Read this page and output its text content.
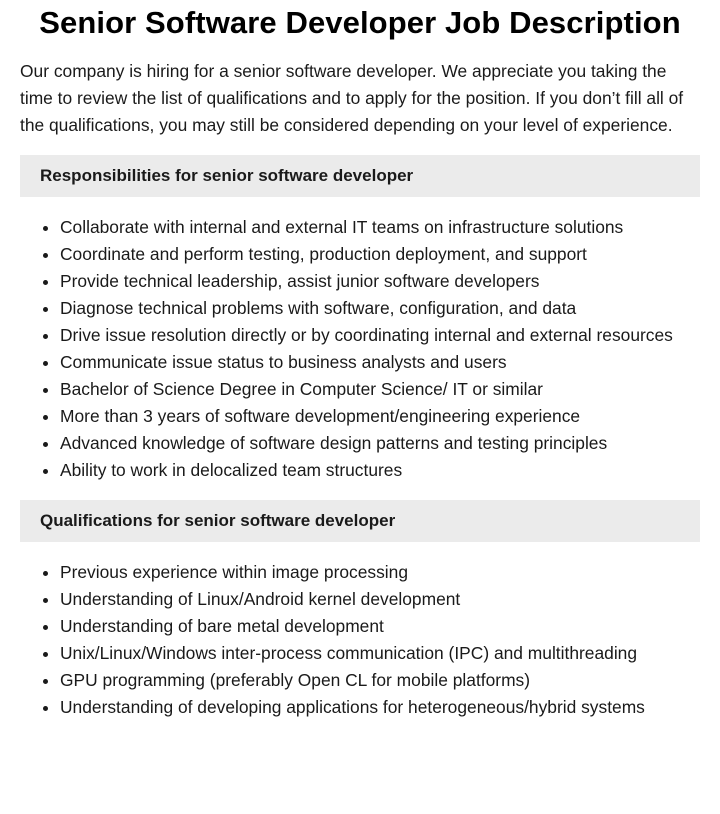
Senior Software Developer Job Description

Our company is hiring for a senior software developer. We appreciate you taking the time to review the list of qualifications and to apply for the position. If you don’t fill all of the qualifications, you may still be considered depending on your level of experience.

Responsibilities for senior software developer
Collaborate with internal and external IT teams on infrastructure solutions
Coordinate and perform testing, production deployment, and support
Provide technical leadership, assist junior software developers
Diagnose technical problems with software, configuration, and data
Drive issue resolution directly or by coordinating internal and external resources
Communicate issue status to business analysts and users
Bachelor of Science Degree in Computer Science/ IT or similar
More than 3 years of software development/engineering experience
Advanced knowledge of software design patterns and testing principles
Ability to work in delocalized team structures
Qualifications for senior software developer
Previous experience within image processing
Understanding of Linux/Android kernel development
Understanding of bare metal development
Unix/Linux/Windows inter-process communication (IPC) and multithreading
GPU programming (preferably Open CL for mobile platforms)
Understanding of developing applications for heterogeneous/hybrid systems
